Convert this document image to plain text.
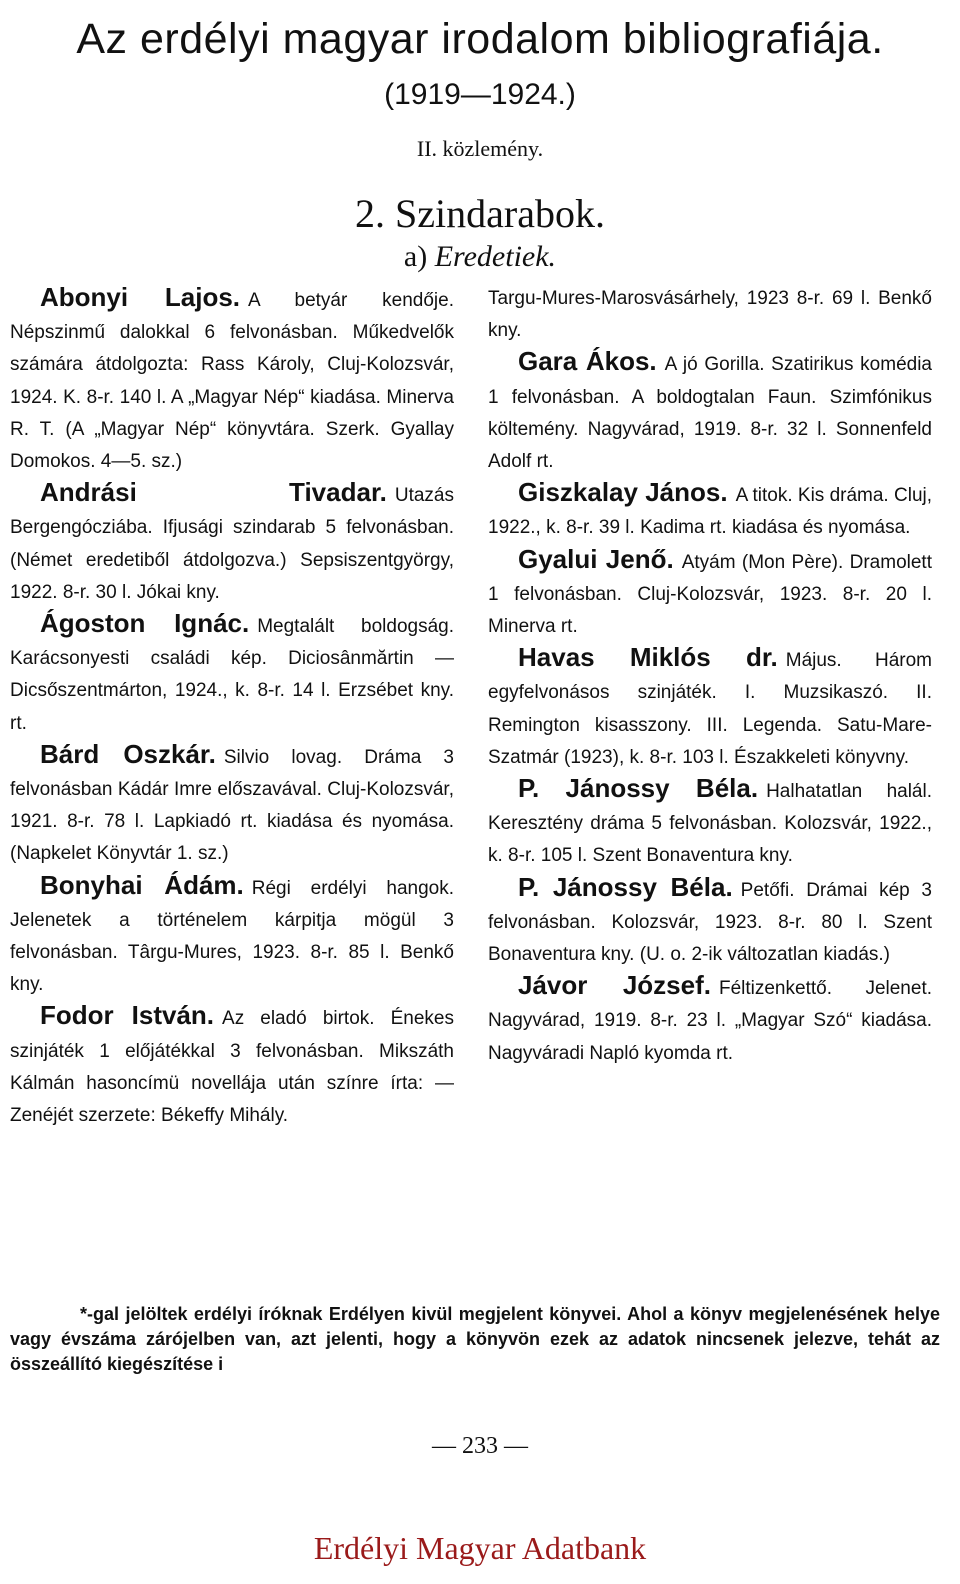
Az erdélyi magyar irodalom bibliografiája.
(1919—1924.)
II. közlemény.
2. Szindarabok.
a) Eredetiek.

Abonyi Lajos. A betyár kendője. Népszinmű dalokkal 6 felvonásban. Műkedvelők számára átdolgozta: Rass Károly, Cluj-Kolozsvár, 1924. K. 8-r. 140 l. A „Magyar Nép“ kiadása. Minerva R. T. (A „Magyar Nép“ könyvtára. Szerk. Gyallay Domokos. 4—5. sz.)

Andrási Tivadar. Utazás Bergengócziába. Ifjusági szindarab 5 felvonásban. (Német eredetiből átdolgozva.) Sepsiszentgyörgy, 1922. 8-r. 30 l. Jókai kny.

Ágoston Ignác. Megtalált boldogság. Karácsonyesti családi kép. Diciosânmărtin — Dicsőszentmárton, 1924., k. 8-r. 14 l. Erzsébet kny. rt.

Bárd Oszkár. Silvio lovag. Dráma 3 felvonásban Kádár Imre előszavával. Cluj-Kolozsvár, 1921. 8-r. 78 l. Lapkiadó rt. kiadása és nyomása. (Napkelet Könyvtár 1. sz.)

Bonyhai Ádám. Régi erdélyi hangok. Jelenetek a történelem kárpitja mögül 3 felvonásban. Târgu-Mures, 1923. 8-r. 85 l. Benkő kny.

Fodor István. Az eladó birtok. Énekes szinjáték 1 előjátékkal 3 felvonásban. Mikszáth Kálmán hasoncímü novellája után színre írta: — Zenéjét szerzete: Békeffy Mihály.

Targu-Mures-Marosvásárhely, 1923 8-r. 69 l. Benkő kny.

Gara Ákos. A jó Gorilla. Szatirikus komédia 1 felvonásban. A boldogtalan Faun. Szimfónikus költemény. Nagyvárad, 1919. 8-r. 32 l. Sonnenfeld Adolf rt.

Giszkalay János. A titok. Kis dráma. Cluj, 1922., k. 8-r. 39 l. Kadima rt. kiadása és nyomása.

Gyalui Jenő. Atyám (Mon Père). Dramolett 1 felvonásban. Cluj-Kolozsvár, 1923. 8-r. 20 l. Minerva rt.

Havas Miklós dr. Május. Három egyfelvonásos szinjáték. I. Muzsikaszó. II. Remington kisasszony. III. Legenda. Satu-Mare-Szatmár (1923), k. 8-r. 103 l. Északkeleti könyvny.

P. Jánossy Béla. Halhatatlan halál. Keresztény dráma 5 felvonásban. Kolozsvár, 1922., k. 8-r. 105 l. Szent Bonaventura kny.

P. Jánossy Béla. Petőfi. Drámai kép 3 felvonásban. Kolozsvár, 1923. 8-r. 80 l. Szent Bonaventura kny. (U. o. 2-ik változatlan kiadás.)

Jávor József. Féltizenkettő. Jelenet. Nagyvárad, 1919. 8-r. 23 l. „Magyar Szó“ kiadása. Nagyváradi Napló kyomda rt.

*-gal jelöltek erdélyi íróknak Erdélyen kivül megjelent könyvei. Ahol a könyv megjelenésének helye vagy évszáma zárójelben van, azt jelenti, hogy a könyvön ezek az adatok nincsenek jelezve, tehát az összeállító kiegészítése i
— 233 —
Erdélyi Magyar Adatbank
